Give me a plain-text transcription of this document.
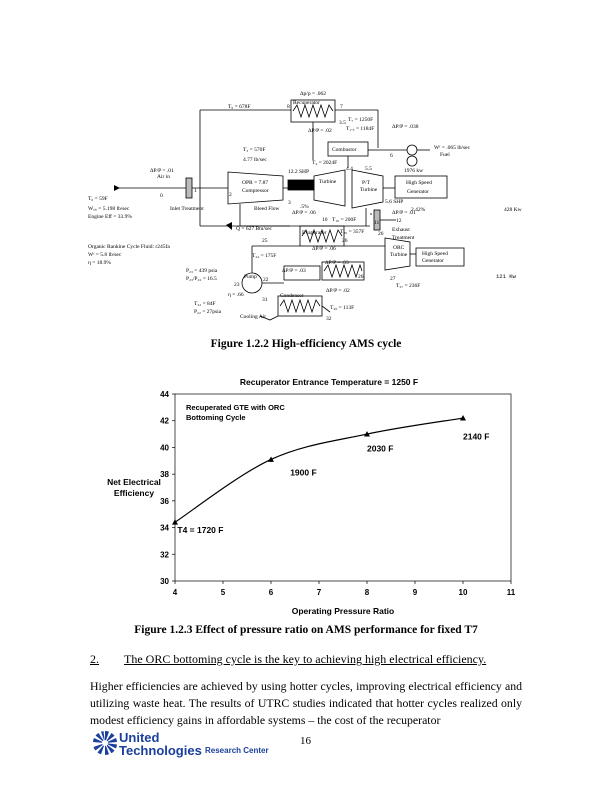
Δp/p = .062
Recuperator
T₆ = 678F	8	7
3.5 T₇ = 1250F
T₁.₅ = 1184F
ΔP/P = .02
ΔP/P = .038
Combustor	Wᶠ = .065 lb/sec
Fuel
T₃ = 570F
4.77 lb/sec	T₄ = 2024F
12.2 SHP	4.4 5.5
6
1976 kw
Air in
ΔP/P = .01
OPR = 7.87
Compressor
Turbine	P/T
Turbine
High Speed
Generator
0
1
2
3
.5%
5.6 SHP
2.42%	428 Kw
T₀ = 59F
Wₐᵢᵣ = 5.198 lb/sec
Engine Eff = 33.9%
Inlet Treatment	Bleed Flow
ΔP/P = .06
10 T₁₀ = 200F	11
ΔP/P = .01
12
Exhaust
Treatment
Q = 627 Btu/sec
Evaporator T₂₆ = 357F
25	26
26
ΔP/P = .06
T₂₄ = 175F
Organic Rankine Cycle Fluid: r245fa
Wᶠ = 5.8 lb/sec
η = 18.9%
ORC
Turbine	High Speed
Generator
121 Kw
ΔP/P = .03
ΔP/P = .03
P₂₃ = 439 psia
P₂₃/P₂₂ = 16.5
23
Pump 22	26	27
T₂₇ = 236F
η = .66
ΔP/P = .02
Condenser
31
T₂₂ = 84F
P₂₂ = 27psia
Cooling Air
T₂₈ = 113F
32
Figure 1.2.2 High-efficiency AMS cycle
Recuperator Entrance Temperature = 1250 F
30
32
34
36
38
40
42
44
4	5	6	7	8	9	10	11
Net Electrical
Efficiency
Operating Pressure Ratio
Recuperated GTE with ORC
Bottoming Cycle
T4 = 1720 F
1900 F
2030 F
2140 F
Figure 1.2.3 Effect of pressure ratio on AMS performance for fixed T7
2. The ORC bottoming cycle is the key to achieving high electrical efficiency.
Higher efficiencies are achieved by using hotter cycles, improving electrical efficiency and utilizing waste heat. The results of UTRC studies indicated that hotter cycles realized only modest efficiency gains in affordable systems – the cost of the recuperator
United
Technologies Research Center
16
